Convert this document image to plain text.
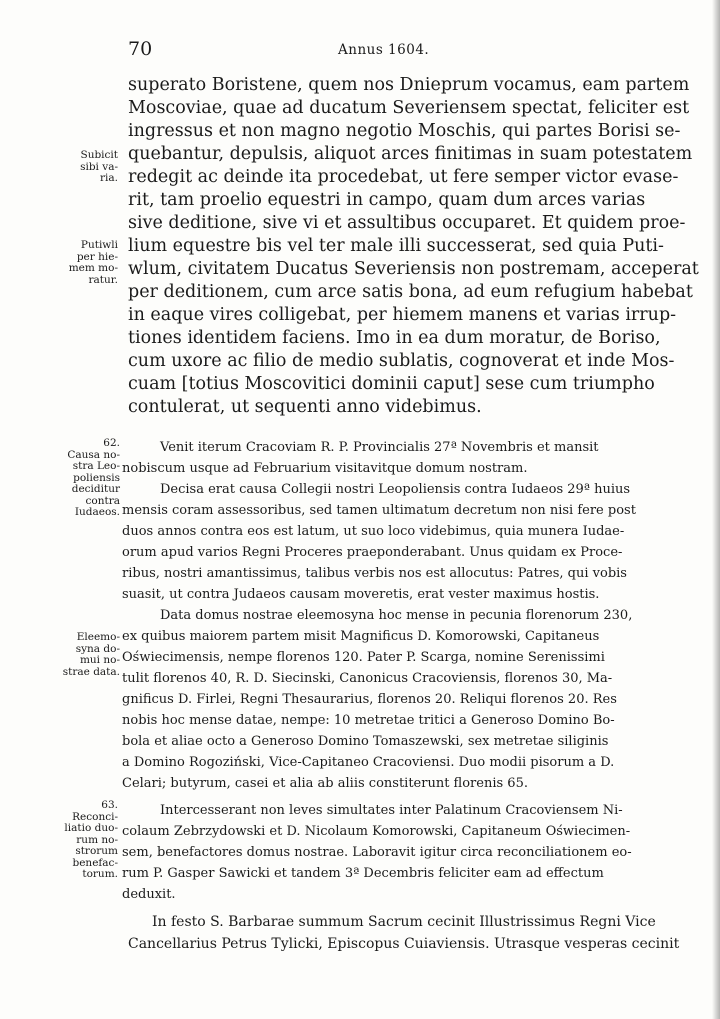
70	Annus 1604.
superato Boristene, quem nos Dnieprum vocamus, eam partem
Moscoviae, quae ad ducatum Severiensem spectat, feliciter est
ingressus et non magno negotio Moschis, qui partes Borisi se-
quebantur, depulsis, aliquot arces finitimas in suam potestatem
redegit ac deinde ita procedebat, ut fere semper victor evase-
rit, tam proelio equestri in campo, quam dum arces varias
sive deditione, sive vi et assultibus occuparet. Et quidem proe-
lium equestre bis vel ter male illi successerat, sed quia Puti-
wlum, civitatem Ducatus Severiensis non postremam, acceperat
per deditionem, cum arce satis bona, ad eum refugium habebat
in eaque vires colligebat, per hiemem manens et varias irrup-
tiones identidem faciens. Imo in ea dum moratur, de Boriso,
cum uxore ac filio de medio sublatis, cognoverat et inde Mos-
cuam [totius Moscovitici dominii caput] sese cum triumpho
contulerat, ut sequenti anno videbimus.
Venit iterum Cracoviam R. P. Provincialis 27ª Novembris et mansit
nobiscum usque ad Februarium visitavitque domum nostram.
Decisa erat causa Collegii nostri Leopoliensis contra Iudaeos 29ª huius
mensis coram assessoribus, sed tamen ultimatum decretum non nisi fere post
duos annos contra eos est latum, ut suo loco videbimus, quia munera Iudae-
orum apud varios Regni Proceres praeponderabant. Unus quidam ex Proce-
ribus, nostri amantissimus, talibus verbis nos est allocutus: Patres, qui vobis
suasit, ut contra Judaeos causam moveretis, erat vester maximus hostis.
Data domus nostrae eleemosyna hoc mense in pecunia florenorum 230,
ex quibus maiorem partem misit Magnificus D. Komorowski, Capitaneus
Oświecimensis, nempe florenos 120. Pater P. Scarga, nomine Serenissimi
tulit florenos 40, R. D. Siecinski, Canonicus Cracoviensis, florenos 30, Ma-
gnificus D. Firlei, Regni Thesaurarius, florenos 20. Reliqui florenos 20. Res
nobis hoc mense datae, nempe: 10 metretae tritici a Generoso Domino Bo-
bola et aliae octo a Generoso Domino Tomaszewski, sex metretae siliginis
a Domino Rogoziński, Vice-Capitaneo Cracoviensi. Duo modii pisorum a D.
Celari; butyrum, casei et alia ab aliis constiterunt florenis 65.
Intercesserant non leves simultates inter Palatinum Cracoviensem Ni-
colaum Zebrzydowski et D. Nicolaum Komorowski, Capitaneum Oświecimen-
sem, benefactores domus nostrae. Laboravit igitur circa reconciliationem eo-
rum P. Gasper Sawicki et tandem 3ª Decembris feliciter eam ad effectum
deduxit.
In festo S. Barbarae summum Sacrum cecinit Illustrissimus Regni Vice
Cancellarius Petrus Tylicki, Episcopus Cuiaviensis. Utrasque vesperas cecinit
Subicit
sibi va-
ria.
Putiwli
per hie-
mem mo-
ratur.
62.
Causa no-
stra Leo-
poliensis
deciditur
contra
Iudaeos.
Eleemo-
syna do-
mui no-
strae data.
63.
Reconci-
liatio duo-
rum no-
strorum
benefac-
torum.
